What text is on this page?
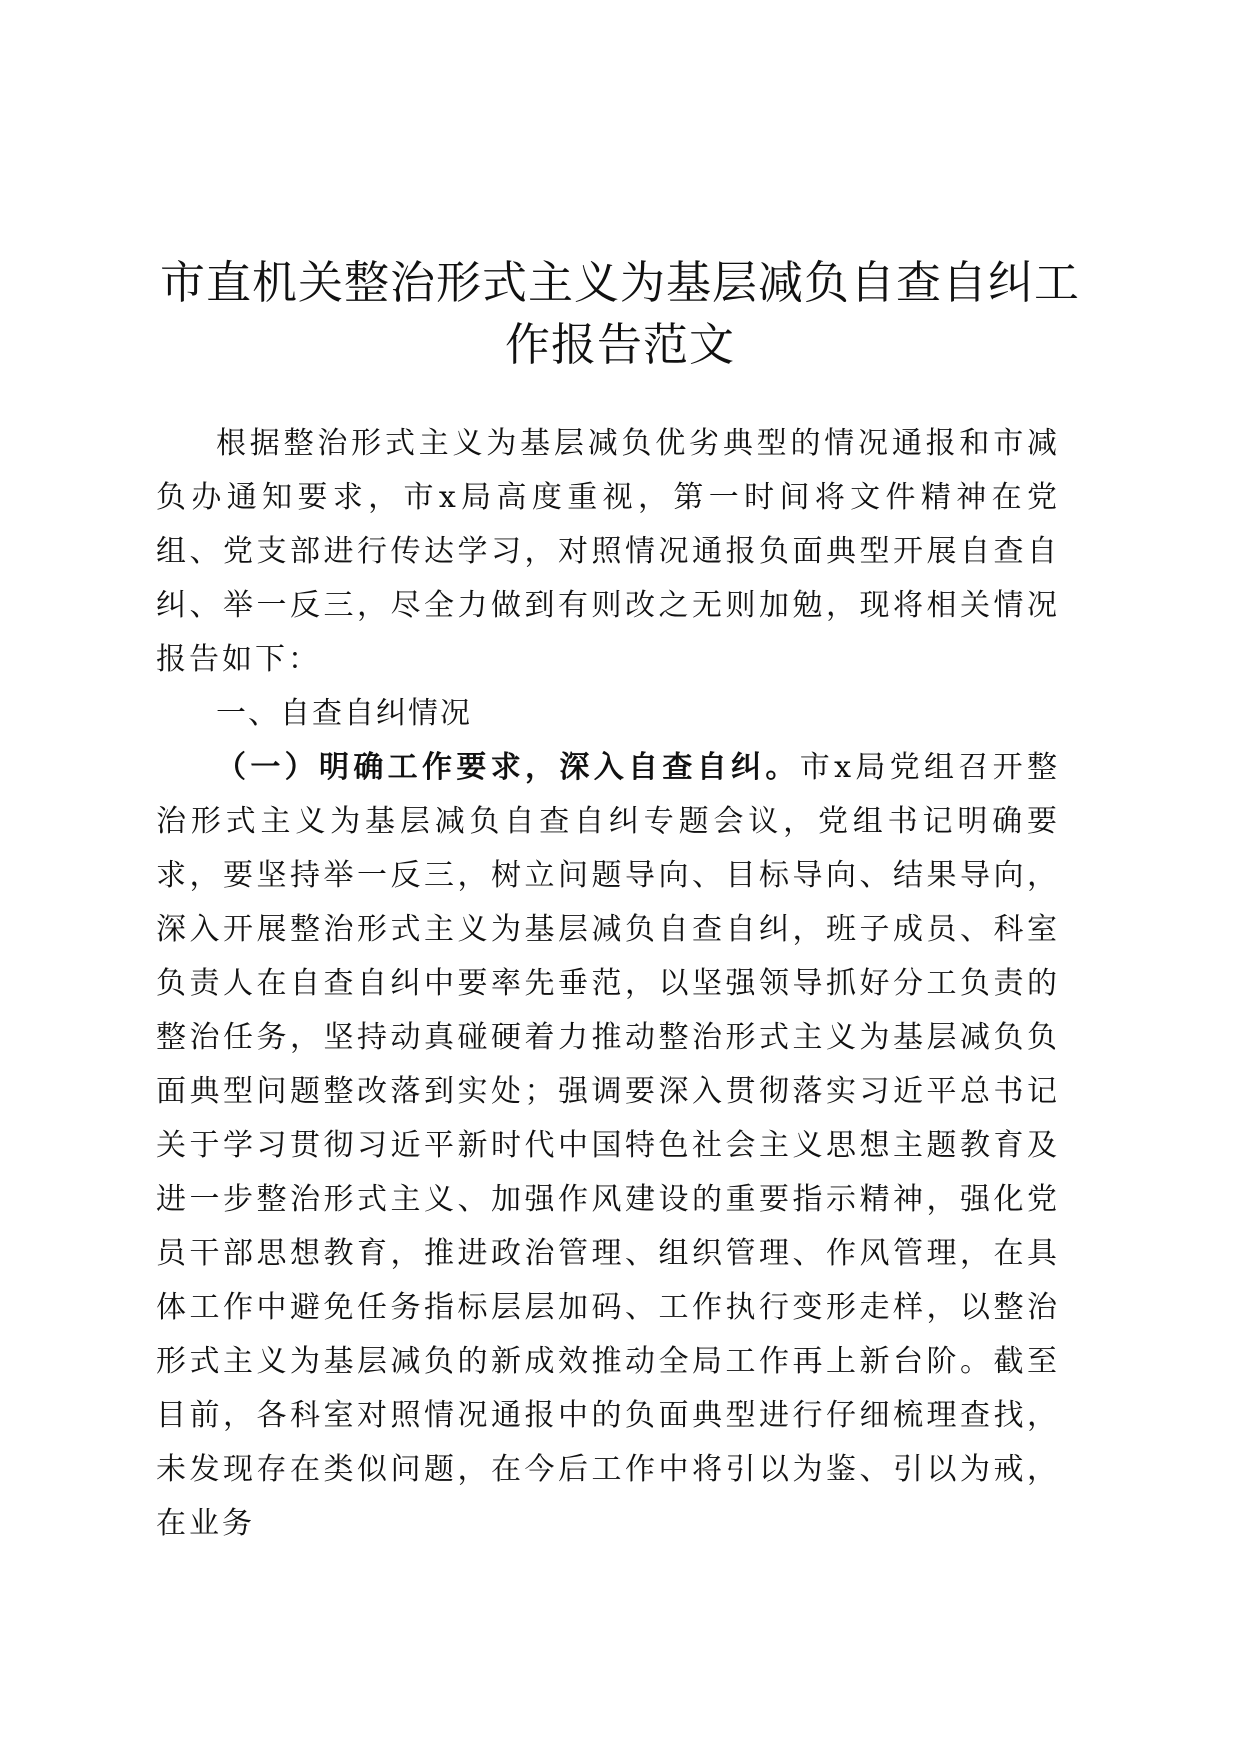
市直机关整治形式主义为基层减负自查自纠工
作报告范文

根据整治形式主义为基层减负优劣典型的情况通报和市减负办通知要求，市x局高度重视，第一时间将文件精神在党组、党支部进行传达学习，对照情况通报负面典型开展自查自纠、举一反三，尽全力做到有则改之无则加勉，现将相关情况报告如下：

一、自查自纠情况

（一）明确工作要求，深入自查自纠。市x局党组召开整治形式主义为基层减负自查自纠专题会议，党组书记明确要求，要坚持举一反三，树立问题导向、目标导向、结果导向，深入开展整治形式主义为基层减负自查自纠，班子成员、科室负责人在自查自纠中要率先垂范，以坚强领导抓好分工负责的整治任务，坚持动真碰硬着力推动整治形式主义为基层减负负面典型问题整改落到实处；强调要深入贯彻落实习近平总书记关于学习贯彻习近平新时代中国特色社会主义思想主题教育及进一步整治形式主义、加强作风建设的重要指示精神，强化党员干部思想教育，推进政治管理、组织管理、作风管理，在具体工作中避免任务指标层层加码、工作执行变形走样，以整治形式主义为基层减负的新成效推动全局工作再上新台阶。截至目前，各科室对照情况通报中的负面典型进行仔细梳理查找，未发现存在类似问题，在今后工作中将引以为鉴、引以为戒，在业务
